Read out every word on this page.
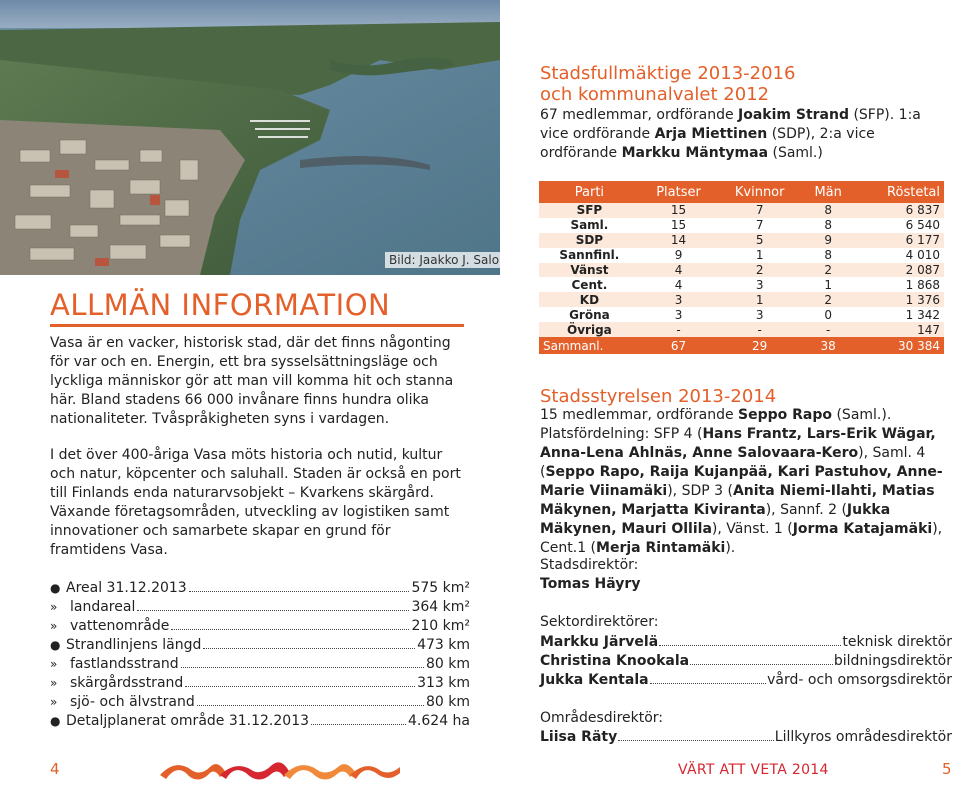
Bild: Jaakko J. Salo
ALLMÄN INFORMATION
Vasa är en vacker, historisk stad, där det finns någonting för var och en. Energin, ett bra sysselsättningsläge och lyckliga människor gör att man vill komma hit och stanna här. Bland stadens 66 000 invånare finns hundra olika nationaliteter. Tvåspråkigheten syns i vardagen.
I det över 400-åriga Vasa möts historia och nutid, kultur och natur, köpcenter och saluhall. Staden är också en port till Finlands enda naturarvsobjekt – Kvarkens skärgård. Växande företagsområden, utveckling av logistiken samt innovationer och samarbete skapar en grund för framtidens Vasa.
● Areal 31.12.2013	575 km²
» landareal	364 km²
» vattenområde	210 km²
● Strandlinjens längd	473 km
» fastlandsstrand	80 km
» skärgårdsstrand	313 km
» sjö- och älvstrand	80 km
● Detaljplanerat område 31.12.2013	4.624 ha
Stadsfullmäktige 2013-2016
och kommunalvalet 2012
67 medlemmar, ordförande Joakim Strand (SFP). 1:a vice ordförande Arja Miettinen (SDP), 2:a vice ordförande Markku Mäntymaa (Saml.)
Parti	Platser	Kvinnor	Män	Röstetal
SFP	15	7	8	6 837
Saml.	15	7	8	6 540
SDP	14	5	9	6 177
Sannfinl.	9	1	8	4 010
Vänst	4	2	2	2 087
Cent.	4	3	1	1 868
KD	3	1	2	1 376
Gröna	3	3	0	1 342
Övriga	-	-	-	147
Sammanl.	67	29	38	30 384
Stadsstyrelsen 2013-2014
15 medlemmar, ordförande Seppo Rapo (Saml.). Platsfördelning: SFP 4 (Hans Frantz, Lars-Erik Wägar, Anna-Lena Ahlnäs, Anne Salovaara-Kero), Saml. 4 (Seppo Rapo, Raija Kujanpää, Kari Pastuhov, Anne-Marie Viinamäki), SDP 3 (Anita Niemi-Ilahti, Matias Mäkynen, Marjatta Kiviranta), Sannf. 2 (Jukka Mäkynen, Mauri Ollila), Vänst. 1 (Jorma Katajamäki), Cent.1 (Merja Rintamäki).
Stadsdirektör:
Tomas Häyry
Sektordirektörer:
Markku Järvelä	teknisk direktör
Christina Knookala	bildningsdirektör
Jukka Kentala	vård- och omsorgsdirektör
Områdesdirektör:
Liisa Räty	Lillkyros områdesdirektör
4	VÄRT ATT VETA 2014	5
